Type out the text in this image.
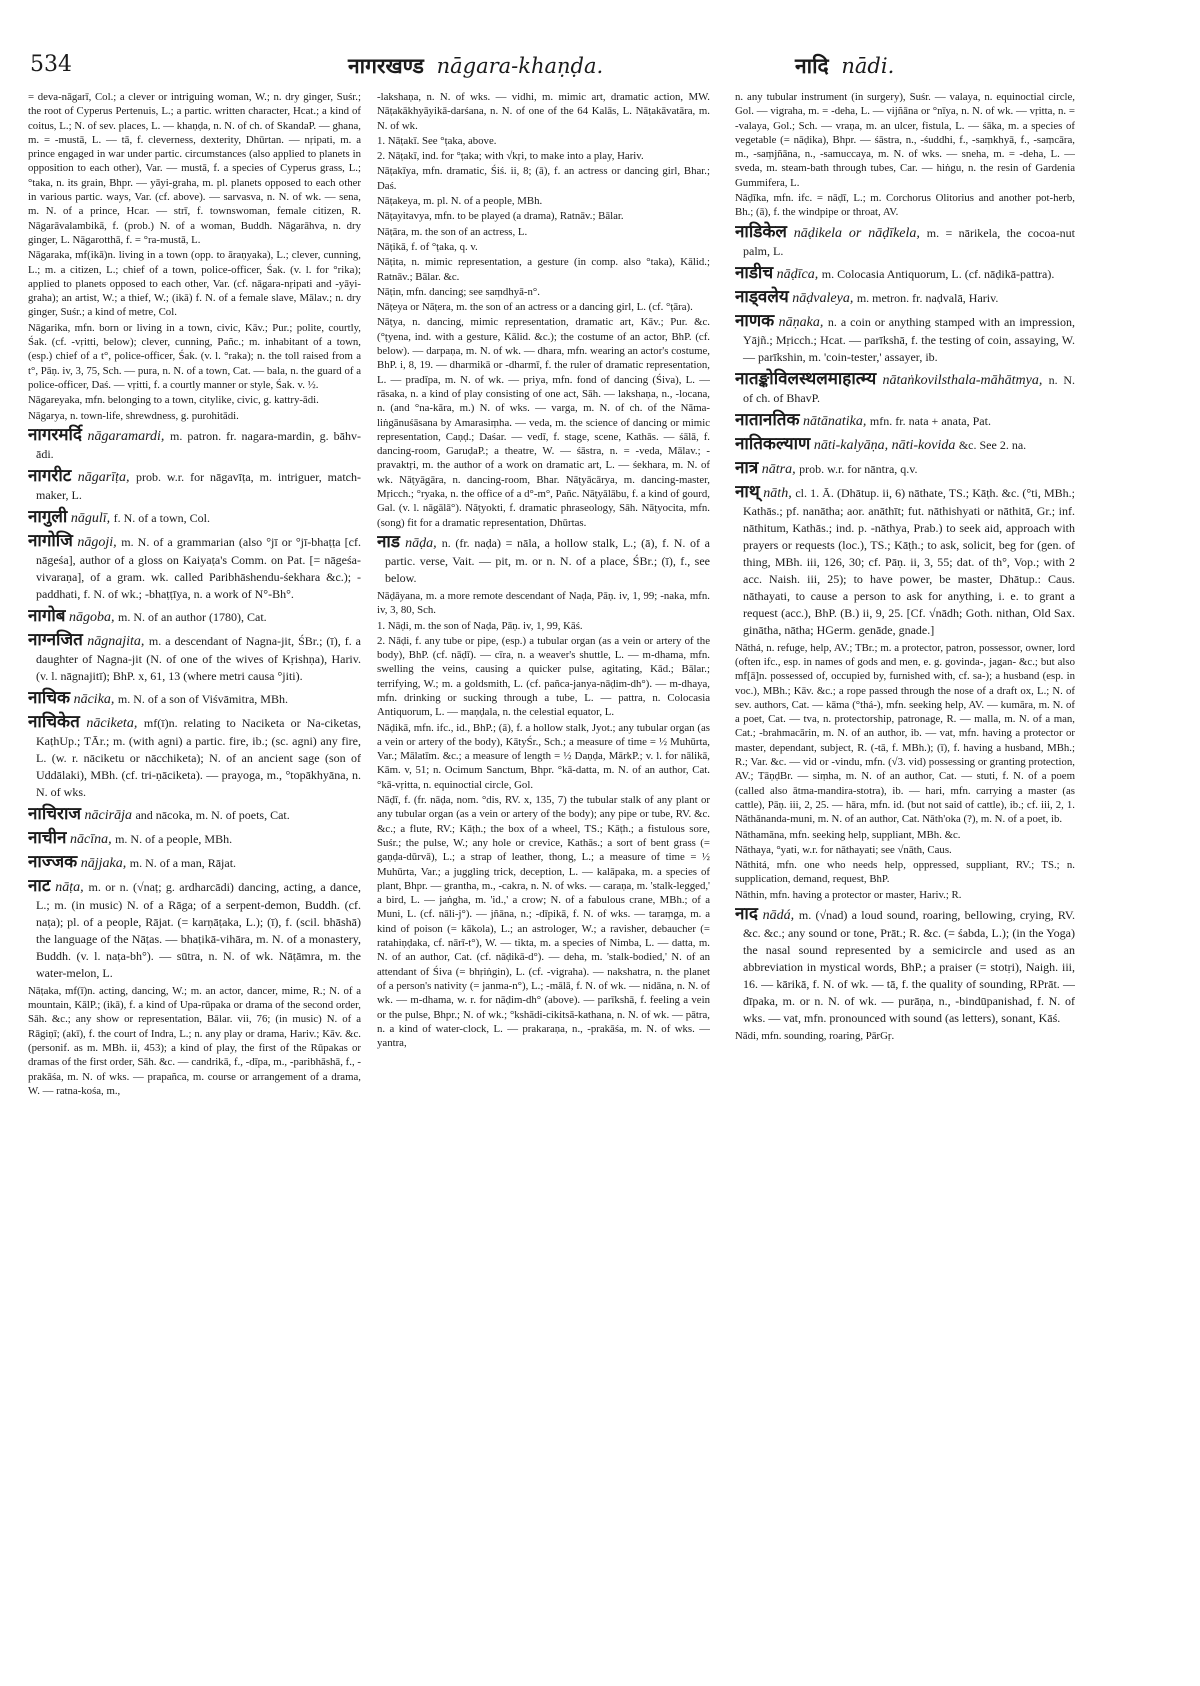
534	नागरखण्ड nāgara-khaṇḍa.	नादि nādi.
= deva-nāgarī, Col.; a clever or intriguing woman, W.; n. dry ginger, Suśr.; the root of Cyperus Pertenuis, L.; a partic. written character, Hcat.; a kind of coitus, L.; N. of sev. places, L. — khaṇḍa, n. N. of ch. of SkandaP. — ghana, m. = -mustā, L. — tā, f. cleverness, dexterity, Dhūrtan. — nṛipati, m. a prince engaged in war under partic. circumstances (also applied to planets in opposition to each other), Var. — mustā, f. a species of Cyperus grass, L.; °taka, n. its grain, Bhpr. — yāyi-graha, m. pl. planets opposed to each other in various partic. ways, Var. (cf. above). — sarvasva, n. N. of wk. — sena, m. N. of a prince, Hcar. — strī, f. townswoman, female citizen, R. Nāgarāvalambikā, f. (prob.) N. of a woman, Buddh. Nāgarāhva, n. dry ginger, L. Nāgarotthā, f. = °ra-mustā, L.
Nāgaraka, mf(ikā)n. living in a town (opp. to āraṇyaka), L.; clever, cunning, L.; m. a citizen, L.; chief of a town, police-officer, Śak. (v. l. for °rika); applied to planets opposed to each other, Var. (cf. nāgara-nṛipati and -yāyi-graha); an artist, W.; a thief, W.; (ikā) f. N. of a female slave, Mālav.; n. dry ginger, Suśr.; a kind of metre, Col.
Nāgarika, mfn. born or living in a town, civic, Kāv.; Pur.; polite, courtly, Śak. (cf. -vṛitti, below); clever, cunning, Pañc.; m. inhabitant of a town, (esp.) chief of a t°, police-officer, Śak. (v. l. °raka); n. the toll raised from a t°, Pāṇ. iv, 3, 75, Sch. — pura, n. N. of a town, Cat. — bala, n. the guard of a police-officer, Daś. — vṛitti, f. a courtly manner or style, Śak. v. ½.
Nāgareyaka, mfn. belonging to a town, citylike, civic, g. kattry-ādi.
Nāgarya, n. town-life, shrewdness, g. purohitādi.
नागरमर्दि nāgaramardi, m. patron. fr. nagara-mardin, g. bāhv-ādi.
नागरीट nāgarīṭa, prob. w.r. for nāgavīṭa, m. intriguer, match-maker, L.
नागुली nāgulī, f. N. of a town, Col.
नागोजि nāgoji, m. N. of a grammarian (also °jī or °jī-bhaṭṭa [cf. nāgeśa], author of a gloss on Kaiyaṭa's Comm. on Pat. [= nāgeśa-vivaraṇa], of a gram. wk. called Paribhāshendu-śekhara &c.); -paddhati, f. N. of wk.; -bhaṭṭīya, n. a work of N°-Bh°.
नागोब nāgoba, m. N. of an author (1780), Cat.
नाग्नजित nāgnajita, m. a descendant of Nagna-jit, ŚBr.; (ī), f. a daughter of Nagna-jit (N. of one of the wives of Kṛishṇa), Hariv. (v. l. nāgnajitī); BhP. x, 61, 13 (where metri causa °jiti).
नाचिक nācika, m. N. of a son of Viśvāmitra, MBh.
नाचिकेत nāciketa, mf(ī)n. relating to Naciketa or Na-ciketas, KaṭhUp.; TĀr.; m. (with agni) a partic. fire, ib.; (sc. agni) any fire, L. (w. r. nāciketu or nācchiketa); N. of an ancient sage (son of Uddālaki), MBh. (cf. tri-ṇāciketa). — prayoga, m., °topākhyāna, n. N. of wks.
नाचिराज nācirāja and nācoka, m. N. of poets, Cat.
नाचीन nācīna, m. N. of a people, MBh.
नाज्जक nājjaka, m. N. of a man, Rājat.
नाट nāṭa, m. or n. (√naṭ; g. ardharcādi) dancing, acting, a dance, L.; m. (in music) N. of a Rāga; of a serpent-demon, Buddh. (cf. naṭa); pl. of a people, Rājat. (= karṇāṭaka, L.); (ī), f. (scil. bhāshā) the language of the Nāṭas. — bhaṭikā-vihāra, m. N. of a monastery, Buddh. (v. l. naṭa-bh°). — sūtra, n. N. of wk. Nāṭāmra, m. the water-melon, L.
Nāṭaka, mf(ī)n. acting, dancing, W.; m. an actor, dancer, mime, R.; N. of a mountain, KālP.; (ikā), f. a kind of Upa-rūpaka or drama of the second order, Sāh. &c.; any show or representation, Bālar. vii, 76; (in music) N. of a Rāgiṇī; (akī), f. the court of Indra, L.; n. any play or drama, Hariv.; Kāv. &c. (personif. as m. MBh. ii, 453); a kind of play, the first of the Rūpakas or dramas of the first order, Sāh. &c. — candrikā, f., -dīpa, m., -paribhāshā, f., -prakāśa, m. N. of wks. — prapañca, m. course or arrangement of a drama, W. — ratna-kośa, m.,
-lakshaṇa, n. N. of wks. — vidhi, m. mimic art, dramatic action, MW. Nāṭakākhyāyikā-darśana, n. N. of one of the 64 Kalās, L. Nāṭakāvatāra, m. N. of wk.
1. Nāṭakī. See °ṭaka, above.
2. Nāṭakī, ind. for °ṭaka; with √kṛi, to make into a play, Hariv.
Nāṭakīya, mfn. dramatic, Śiś. ii, 8; (ā), f. an actress or dancing girl, Bhar.; Daś.
Nāṭakeya, m. pl. N. of a people, MBh.
Nāṭayitavya, mfn. to be played (a drama), Ratnāv.; Bālar.
Nāṭāra, m. the son of an actress, L.
Nāṭikā, f. of °ṭaka, q. v.
Nāṭita, n. mimic representation, a gesture (in comp. also °taka), Kālid.; Ratnāv.; Bālar. &c.
Nāṭin, mfn. dancing; see saṃdhyā-n°.
Nāṭeya or Nāṭera, m. the son of an actress or a dancing girl, L. (cf. °ṭāra).
Nāṭya, n. dancing, mimic representation, dramatic art, Kāv.; Pur. &c. (°ṭyena, ind. with a gesture, Kālid. &c.); the costume of an actor, BhP. (cf. below). — darpaṇa, m. N. of wk. — dhara, mfn. wearing an actor's costume, BhP. i, 8, 19. — dharmikā or -dharmī, f. the ruler of dramatic representation, L. — pradīpa, m. N. of wk. — priya, mfn. fond of dancing (Śiva), L. — rāsaka, n. a kind of play consisting of one act, Sāh. — lakshaṇa, n., -locana, n. (and °na-kāra, m.) N. of wks. — varga, m. N. of ch. of the Nāma-liṅgānuśāsana by Amarasiṃha. — veda, m. the science of dancing or mimic representation, Caṇḍ.; Daśar. — vedī, f. stage, scene, Kathās. — śālā, f. dancing-room, GaruḍaP.; a theatre, W. — śāstra, n. = -veda, Mālav.; -pravaktṛi, m. the author of a work on dramatic art, L. — śekhara, m. N. of wk. Nāṭyāgāra, n. dancing-room, Bhar. Nāṭyācārya, m. dancing-master, Mṛicch.; °ryaka, n. the office of a d°-m°, Pañc. Nāṭyālābu, f. a kind of gourd, Gal. (v. l. nāgālā°). Nāṭyokti, f. dramatic phraseology, Sāh. Nāṭyocita, mfn. (song) fit for a dramatic representation, Dhūrtas.
नाड nāḍa, n. (fr. naḍa) = nāla, a hollow stalk, L.; (ā), f. N. of a partic. verse, Vait. — pit, m. or n. N. of a place, ŚBr.; (ī), f., see below.
Nāḍāyana, m. a more remote descendant of Naḍa, Pāṇ. iv, 1, 99; -naka, mfn. iv, 3, 80, Sch.
1. Nāḍi, m. the son of Naḍa, Pāṇ. iv, 1, 99, Kāś.
2. Nāḍi, f. any tube or pipe, (esp.) a tubular organ (as a vein or artery of the body), BhP. (cf. nāḍī). — cīra, n. a weaver's shuttle, L. — m-dhama, mfn. swelling the veins, causing a quicker pulse, agitating, Kād.; Bālar.; terrifying, W.; m. a goldsmith, L. (cf. pañca-janya-nāḍim-dh°). — m-dhaya, mfn. drinking or sucking through a tube, L. — pattra, n. Colocasia Antiquorum, L. — maṇḍala, n. the celestial equator, L.
Nāḍikā, mfn. ifc., id., BhP.; (ā), f. a hollow stalk, Jyot.; any tubular organ (as a vein or artery of the body), KātyŚr., Sch.; a measure of time = ½ Muhūrta, Var.; Mālatīm. &c.; a measure of length = ½ Daṇḍa, MārkP.; v. l. for nālikā, Kām. v, 51; n. Ocimum Sanctum, Bhpr. °kā-datta, m. N. of an author, Cat. °kā-vṛitta, n. equinoctial circle, Gol.
Nāḍī, f. (fr. nāḍa, nom. °dis, RV. x, 135, 7) the tubular stalk of any plant or any tubular organ (as a vein or artery of the body); any pipe or tube, RV. &c. &c.; a flute, RV.; Kāṭh.; the box of a wheel, TS.; Kāṭh.; a fistulous sore, Suśr.; the pulse, W.; any hole or crevice, Kathās.; a sort of bent grass (= gaṇḍa-dūrvā), L.; a strap of leather, thong, L.; a measure of time = ½ Muhūrta, Var.; a juggling trick, deception, L. — kalāpaka, m. a species of plant, Bhpr. — grantha, m., -cakra, n. N. of wks. — caraṇa, m. 'stalk-legged,' a bird, L. — jaṅgha, m. 'id.,' a crow; N. of a fabulous crane, MBh.; of a Muni, L. (cf. nāli-j°). — jñāna, n.; -dīpikā, f. N. of wks. — taraṃga, m. a kind of poison (= kākola), L.; an astrologer, W.; a ravisher, debaucher (= ratahiṇḍaka, cf. nārī-t°), W. — tikta, m. a species of Nimba, L. — datta, m. N. of an author, Cat. (cf. nāḍikā-d°). — deha, m. 'stalk-bodied,' N. of an attendant of Śiva (= bhṛiṅgin), L. (cf. -vigraha). — nakshatra, n. the planet of a person's nativity (= janma-n°), L.; -mālā, f. N. of wk. — nidāna, n. N. of wk. — m-dhama, w. r. for nāḍim-dh° (above). — parīkshā, f. feeling a vein or the pulse, Bhpr.; N. of wk.; °kshādi-cikitsā-kathana, n. N. of wk. — pātra, n. a kind of water-clock, L. — prakaraṇa, n., -prakāśa, m. N. of wks. — yantra,
n. any tubular instrument (in surgery), Suśr. — valaya, n. equinoctial circle, Gol. — vigraha, m. = -deha, L. — vijñāna or °nīya, n. N. of wk. — vṛitta, n. = -valaya, Gol.; Sch. — vraṇa, m. an ulcer, fistula, L. — śāka, m. a species of vegetable (= nāḍika), Bhpr. — śāstra, n., -śuddhi, f., -saṃkhyā, f., -saṃcāra, m., -saṃjñāna, n., -samuccaya, m. N. of wks. — sneha, m. = -deha, L. — sveda, m. steam-bath through tubes, Car. — hiṅgu, n. the resin of Gardenia Gummifera, L.
Nāḍīka, mfn. ifc. = nāḍī, L.; m. Corchorus Olitorius and another pot-herb, Bh.; (ā), f. the windpipe or throat, AV.
नाडिकेल nāḍikela or nāḍīkela, m. = nārikela, the cocoa-nut palm, L.
नाडीच nāḍīca, m. Colocasia Antiquorum, L. (cf. nāḍikā-pattra).
नाड्वलेय nāḍvaleya, m. metron. fr. naḍvalā, Hariv.
नाणक nāṇaka, n. a coin or anything stamped with an impression, Yājñ.; Mṛicch.; Hcat. — parīkshā, f. the testing of coin, assaying, W. — parīkshin, m. 'coin-tester,' assayer, ib.
नातङ्कोविलस्थलमाहात्म्य nātaṅkovilsthala-māhātmya, n. N. of ch. of BhavP.
नातानतिक nātānatika, mfn. fr. nata + anata, Pat.
नातिकल्याण nāti-kalyāṇa, nāti-kovida &c. See 2. na.
नात्र nātra, prob. w.r. for nāntra, q.v.
नाथ् nāth, cl. 1. Ā. (Dhātup. ii, 6) nāthate, TS.; Kāṭh. &c. (°ti, MBh.; Kathās.; pf. nanātha; aor. anāthīt; fut. nāthishyati or nāthitā, Gr.; inf. nāthitum, Kathās.; ind. p. -nāthya, Prab.) to seek aid, approach with prayers or requests (loc.), TS.; Kāṭh.; to ask, solicit, beg for (gen. of thing, MBh. iii, 126, 30; cf. Pāṇ. ii, 3, 55; dat. of th°, Vop.; with 2 acc. Naish. iii, 25); to have power, be master, Dhātup.: Caus. nāthayati, to cause a person to ask for anything, i. e. to grant a request (acc.), BhP. (B.) ii, 9, 25. [Cf. √nādh; Goth. nithan, Old Sax. ginātha, nātha; HGerm. genāde, gnade.]
Nāthá, n. refuge, help, AV.; TBr.; m. a protector, patron, possessor, owner, lord (often ifc., esp. in names of gods and men, e. g. govinda-, jagan- &c.; but also mf[ā]n. possessed of, occupied by, furnished with, cf. sa-); a husband (esp. in voc.), MBh.; Kāv. &c.; a rope passed through the nose of a draft ox, L.; N. of sev. authors, Cat. — kāma (°thá-), mfn. seeking help, AV. — kumāra, m. N. of a poet, Cat. — tva, n. protectorship, patronage, R. — malla, m. N. of a man, Cat.; -brahmacārin, m. N. of an author, ib. — vat, mfn. having a protector or master, dependant, subject, R. (-tā, f. MBh.); (ī), f. having a husband, MBh.; R.; Var. &c. — vid or -vindu, mfn. (√3. vid) possessing or granting protection, AV.; TāṇḍBr. — siṃha, m. N. of an author, Cat. — stuti, f. N. of a poem (called also ātma-mandira-stotra), ib. — hari, mfn. carrying a master (as cattle), Pāṇ. iii, 2, 25. — hāra, mfn. id. (but not said of cattle), ib.; cf. iii, 2, 1. Nāthānanda-muni, m. N. of an author, Cat. Nāth'oka (?), m. N. of a poet, ib.
Nāthamāna, mfn. seeking help, suppliant, MBh. &c.
Nāthaya, °yati, w.r. for nāthayati; see √nāth, Caus.
Nāthitá, mfn. one who needs help, oppressed, suppliant, RV.; TS.; n. supplication, demand, request, BhP.
Nāthin, mfn. having a protector or master, Hariv.; R.
नाद nādá, m. (√nad) a loud sound, roaring, bellowing, crying, RV. &c. &c.; any sound or tone, Prāt.; R. &c. (= śabda, L.); (in the Yoga) the nasal sound represented by a semicircle and used as an abbreviation in mystical words, BhP.; a praiser (= stotṛi), Naigh. iii, 16. — kārikā, f. N. of wk. — tā, f. the quality of sounding, RPrāt. — dīpaka, m. or n. N. of wk. — purāṇa, n., -bindūpanishad, f. N. of wks. — vat, mfn. pronounced with sound (as letters), sonant, Kāś.
Nādi, mfn. sounding, roaring, PārGṛ.
